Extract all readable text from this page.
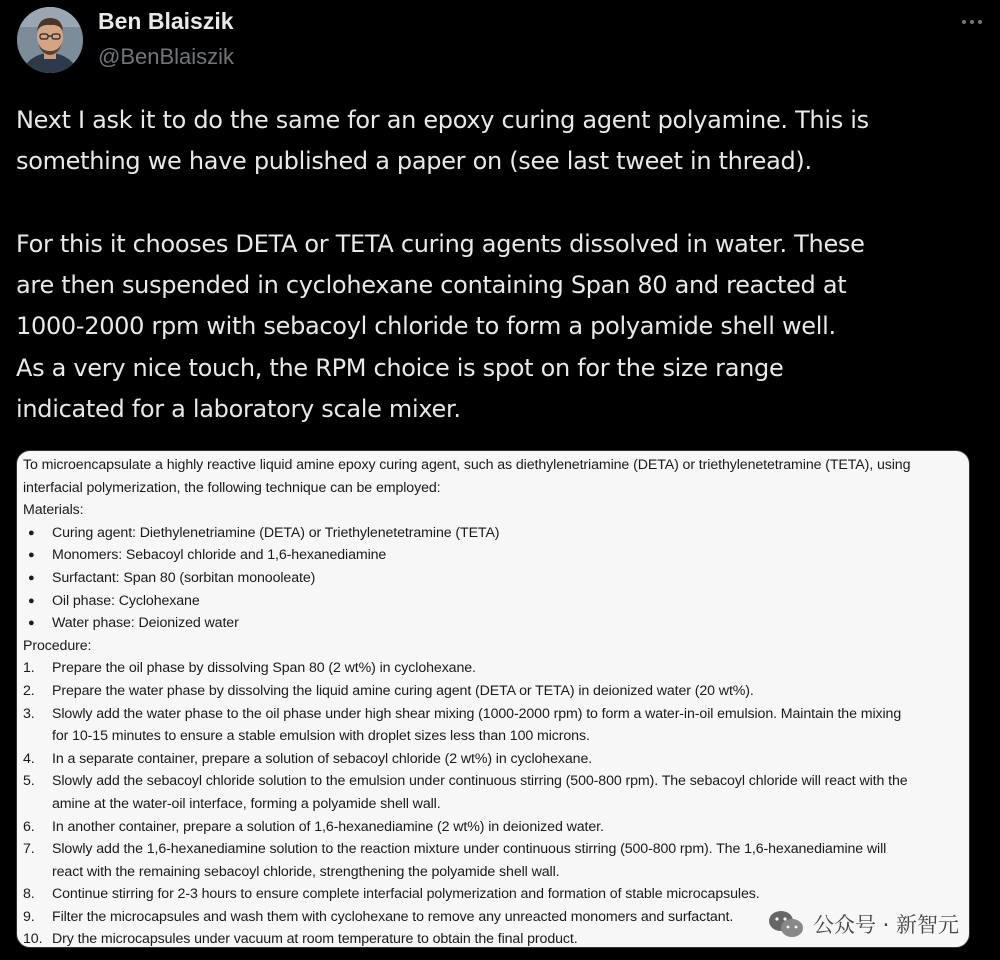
Ben Blaiszik
@BenBlaiszik

Next I ask it to do the same for an epoxy curing agent polyamine. This is

something we have published a paper on (see last tweet in thread).

For this it chooses DETA or TETA curing agents dissolved in water. These

are then suspended in cyclohexane containing Span 80 and reacted at

1000-2000 rpm with sebacoyl chloride to form a polyamide shell well.

As a very nice touch, the RPM choice is spot on for the size range

indicated for a laboratory scale mixer.

To microencapsulate a highly reactive liquid amine epoxy curing agent, such as diethylenetriamine (DETA) or triethylenetetramine (TETA), using
interfacial polymerization, the following technique can be employed:
Materials:
●	Curing agent: Diethylenetriamine (DETA) or Triethylenetetramine (TETA)
●	Monomers: Sebacoyl chloride and 1,6-hexanediamine
●	Surfactant: Span 80 (sorbitan monooleate)
●	Oil phase: Cyclohexane
●	Water phase: Deionized water
Procedure:
1.	Prepare the oil phase by dissolving Span 80 (2 wt%) in cyclohexane.
2.	Prepare the water phase by dissolving the liquid amine curing agent (DETA or TETA) in deionized water (20 wt%).
3.	Slowly add the water phase to the oil phase under high shear mixing (1000-2000 rpm) to form a water-in-oil emulsion. Maintain the mixing
for 10-15 minutes to ensure a stable emulsion with droplet sizes less than 100 microns.
4.	In a separate container, prepare a solution of sebacoyl chloride (2 wt%) in cyclohexane.
5.	Slowly add the sebacoyl chloride solution to the emulsion under continuous stirring (500-800 rpm). The sebacoyl chloride will react with the
amine at the water-oil interface, forming a polyamide shell wall.
6.	In another container, prepare a solution of 1,6-hexanediamine (2 wt%) in deionized water.
7.	Slowly add the 1,6-hexanediamine solution to the reaction mixture under continuous stirring (500-800 rpm). The 1,6-hexanediamine will
react with the remaining sebacoyl chloride, strengthening the polyamide shell wall.
8.	Continue stirring for 2-3 hours to ensure complete interfacial polymerization and formation of stable microcapsules.
9.	Filter the microcapsules and wash them with cyclohexane to remove any unreacted monomers and surfactant.
10. Dry the microcapsules under vacuum at room temperature to obtain the final product.
公众号 · 新智元
